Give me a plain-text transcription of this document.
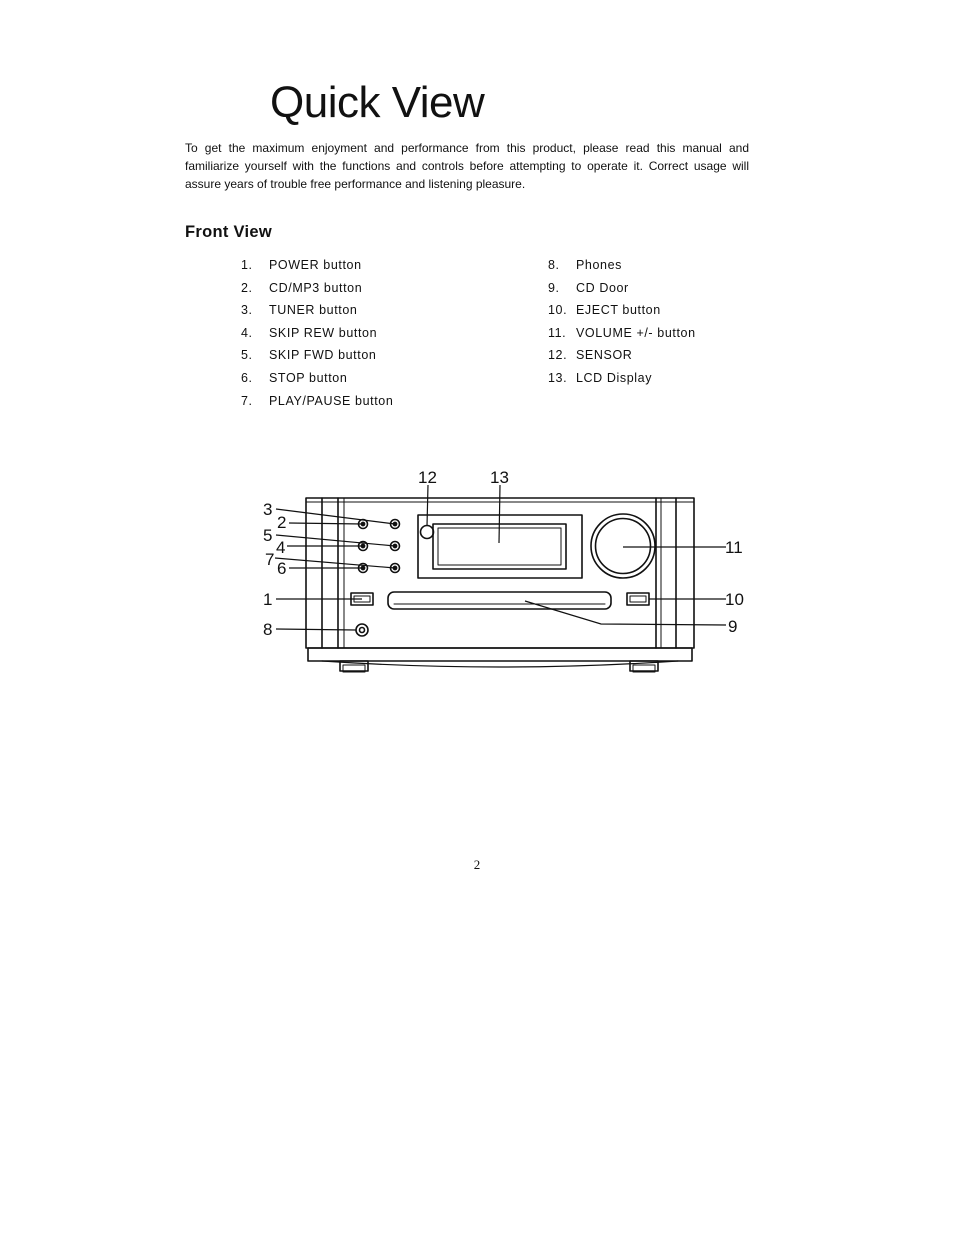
Quick View

To get the maximum enjoyment and performance from this product, please read this manual and familiarize yourself with the functions and controls before attempting to operate it. Correct usage will assure years of trouble free performance and listening pleasure.

Front View
1. POWER button
2. CD/MP3 button
3. TUNER button
4. SKIP REW button
5. SKIP FWD button
6. STOP button
7. PLAY/PAUSE button
8. Phones
9. CD Door
10. EJECT button
11. VOLUME +/- button
12. SENSOR
13. LCD Display
3
2
5
4
7 6
1
8
12	13
11
10
9
2
